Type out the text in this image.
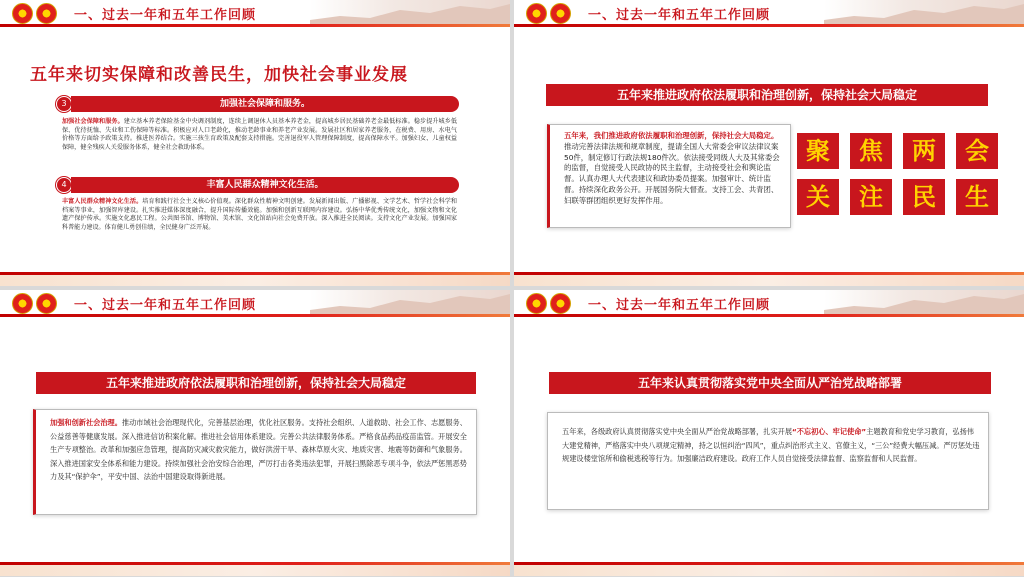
一、过去一年和五年工作回顾
五年来切实保障和改善民生，加快社会事业发展
3	加强社会保障和服务。
加强社会保障和服务。建立基本养老保险基金中央调剂制度，连续上调退休人员基本养老金，提高城乡居民基础养老金最低标准。稳步提升城乡低保、优待抚恤、失业和工伤保障等标准。积极应对人口老龄化，推动老龄事业和养老产业发展。发展社区和居家养老服务，在税费、用房、水电气价格等方面给予政策支持。推进医养结合。实施三孩生育政策及配套支持措施。完善退役军人管理保障制度，提高保障水平。加强妇女、儿童权益保障，健全残疾人关爱服务体系，健全社会救助体系。
4	丰富人民群众精神文化生活。
丰富人民群众精神文化生活。培育和践行社会主义核心价值观。深化群众性精神文明创建。发展新闻出版、广播影视、文学艺术、哲学社会科学和档案等事业，加强智库建设。扎实推进媒体深度融合，提升国际传播效能。加强和创新互联网内容建设。弘扬中华优秀传统文化，加强文物和文化遗产保护传承。实施文化惠民工程。公共图书馆、博物馆、美术馆、文化馆站向社会免费开放。深入推进全民阅读。支持文化产业发展。加强国家科普能力建设。体育健儿勇创佳绩，全民健身广泛开展。
一、过去一年和五年工作回顾
五年来推进政府依法履职和治理创新，保持社会大局稳定
五年来，我们推进政府依法履职和治理创新，保持社会大局稳定。推动完善法律法规和规章制度，提请全国人大常委会审议法律议案50件，制定修订行政法规180件次。依法接受同级人大及其常委会的监督，自觉接受人民政协的民主监督，主动接受社会和舆论监督。认真办理人大代表建议和政协委员提案。加强审计、统计监督。持续深化政务公开。开展国务院大督查。支持工会、共青团、妇联等群团组织更好发挥作用。
聚	焦	两	会
关	注	民	生
一、过去一年和五年工作回顾
五年来推进政府依法履职和治理创新，保持社会大局稳定
加强和创新社会治理。推动市域社会治理现代化，完善基层治理，优化社区服务。支持社会组织、人道救助、社会工作、志愿服务、公益慈善等健康发展。深入推进信访积案化解。推进社会信用体系建设。完善公共法律服务体系。严格食品药品疫苗监管。开展安全生产专项整治。改革和加强应急管理，提高防灾减灾救灾能力，做好洪涝干旱、森林草原火灾、地质灾害、地震等防御和气象服务。深入推进国家安全体系和能力建设。持续加强社会治安综合治理，严厉打击各类违法犯罪，开展扫黑除恶专项斗争，依法严惩黑恶势力及其“保护伞”，平安中国、法治中国建设取得新进展。
一、过去一年和五年工作回顾
五年来认真贯彻落实党中央全面从严治党战略部署
五年来，各级政府认真贯彻落实党中央全面从严治党战略部署，扎实开展“不忘初心、牢记使命”主题教育和党史学习教育，弘扬伟大建党精神，严格落实中央八项规定精神，持之以恒纠治“四风”，重点纠治形式主义、官僚主义，“三公”经费大幅压减。严厉惩处违规建设楼堂馆所和偷税逃税等行为。加强廉洁政府建设。政府工作人员自觉接受法律监督、监察监督和人民监督。
